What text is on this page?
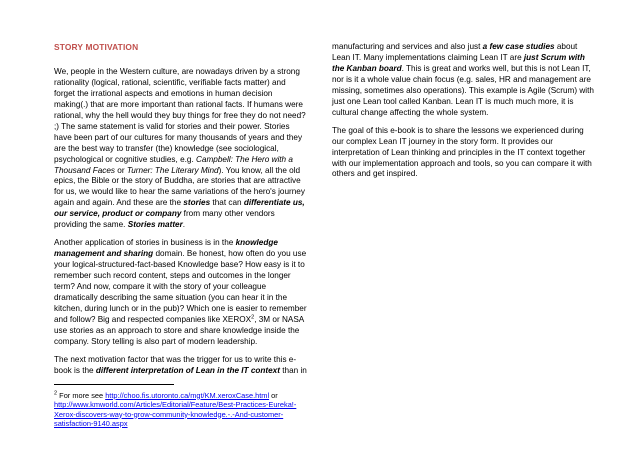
STORY MOTIVATION

We, people in the Western culture, are nowadays driven by a strong rationality (logical, rational, scientific, verifiable facts matter) and forget the irrational aspects and emotions in human decision making(.) that are more important than rational facts. If humans were rational, why the hell would they buy things for free they do not need? ;) The same statement is valid for stories and their power. Stories have been part of our cultures for many thousands of years and they are the best way to transfer (the) knowledge (see sociological, psychological or cognitive studies, e.g. Campbell: The Hero with a Thousand Faces or Turner: The Literary Mind). You know, all the old epics, the Bible or the story of Buddha, are stories that are attractive for us, we would like to hear the same variations of the hero's journey again and again. And these are the stories that can differentiate us, our service, product or company from many other vendors providing the same. Stories matter.

Another application of stories in business is in the knowledge management and sharing domain. Be honest, how often do you use your logical-structured-fact-based Knowledge base? How easy is it to remember such record content, steps and outcomes in the longer term? And now, compare it with the story of your colleague dramatically describing the same situation (you can hear it in the kitchen, during lunch or in the pub)? Which one is easier to remember and follow? Big and respected companies like XEROX$^2$, 3M or NASA use stories as an approach to store and share knowledge inside the company. Story telling is also part of modern leadership.

The next motivation factor that was the trigger for us to write this e-book is the different interpretation of Lean in the IT context than in

$^2$ For more see http://choo.fis.utoronto.ca/mgt/KM.xeroxCase.html or http://www.kmworld.com/Articles/Editorial/Feature/Best-Practices-Eureka!-Xerox-discovers-way-to-grow-community-knowledge.-.-And-customer-satisfaction-9140.aspx

manufacturing and services and also just a few case studies about Lean IT. Many implementations claiming Lean IT are just Scrum with the Kanban board. This is great and works well, but this is not Lean IT, nor is it a whole value chain focus (e.g. sales, HR and management are missing, sometimes also operations). This example is Agile (Scrum) with just one Lean tool called Kanban. Lean IT is much much more, it is cultural change affecting the whole system.

The goal of this e-book is to share the lessons we experienced during our complex Lean IT journey in the story form. It provides our interpretation of Lean thinking and principles in the IT context together with our implementation approach and tools, so you can compare it with others and get inspired.
